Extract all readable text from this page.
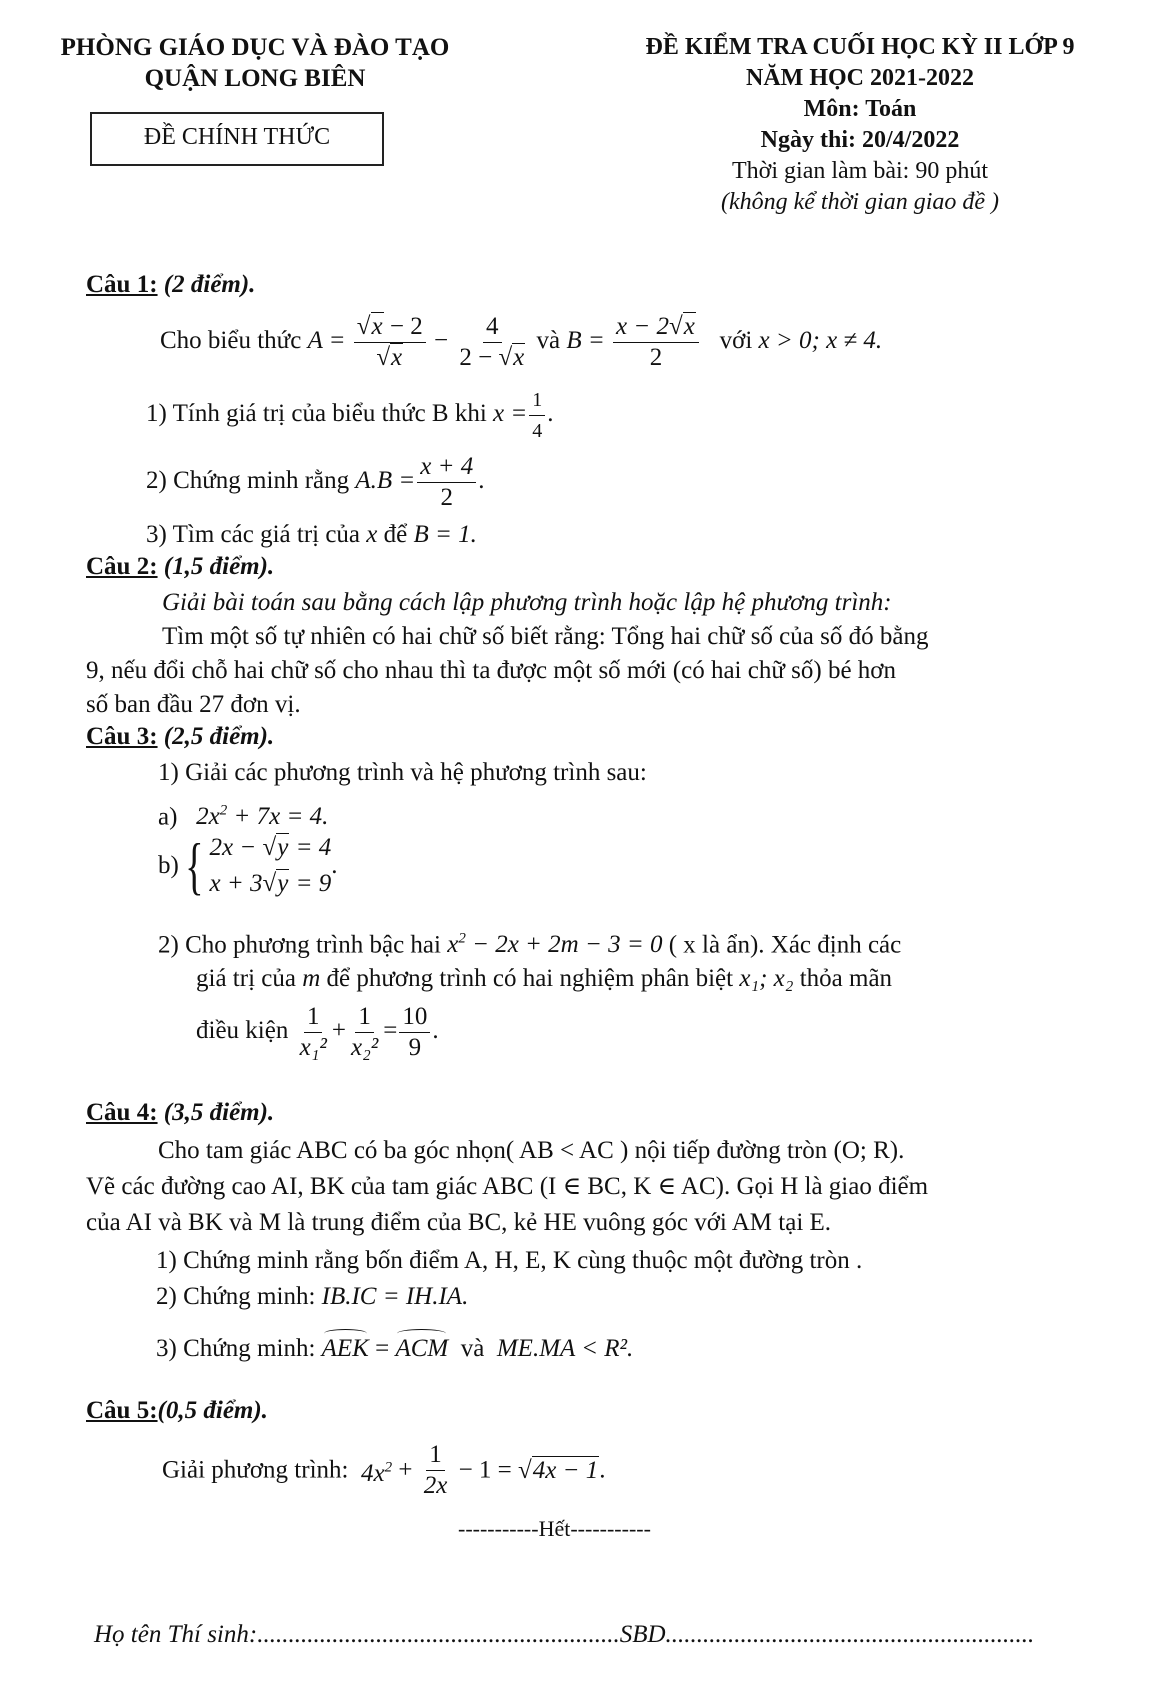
PHÒNG GIÁO DỤC VÀ ĐÀO TẠO
QUẬN LONG BIÊN
ĐỀ CHÍNH THỨC
ĐỀ KIỂM TRA CUỐI HỌC KỲ II LỚP 9
NĂM HỌC 2021-2022
Môn: Toán
Ngày thi: 20/4/2022
Thời gian làm bài: 90 phút
(không kể thời gian giao đề )
Câu 1: (2 điểm).
Cho biểu thức $A = \frac{√x - 2}{√x} - \frac{4}{2 - √x}$ và $B = \frac{x - 2√x}{2}$ với x > 0; x ≠ 4.
1) Tính giá trị của biểu thức B khi $x = \frac{1}{4}$ .
2) Chứng minh rằng $A.B = \frac{x + 4}{2}$ .
3) Tìm các giá trị của x để B = 1.
Câu 2: (1,5 điểm).
Giải bài toán sau bằng cách lập phương trình hoặc lập hệ phương trình:
Tìm một số tự nhiên có hai chữ số biết rằng: Tổng hai chữ số của số đó bằng
9, nếu đổi chỗ hai chữ số cho nhau thì ta được một số mới (có hai chữ số) bé hơn
số ban đầu 27 đơn vị.
Câu 3: (2,5 điểm).
1) Giải các phương trình và hệ phương trình sau:
a) $2x^2 + 7x = 4$.
b){ 2x − √y = 4
x + 3√y = 9
.
2) Cho phương trình bậc hai $x^2 - 2x + 2m - 3 = 0$ ( x là ẩn). Xác định các
giá trị của m để phương trình có hai nghiệm phân biệt x₁; x₂ thỏa mãn
điều kiện $\frac{1}{\text{x₁²}} + \frac{1}{\text{x₂²}} = \frac{10}{9}$ .
Câu 4: (3,5 điểm).
Cho tam giác ABC có ba góc nhọn( AB < AC ) nội tiếp đường tròn (O; R).
Vẽ các đường cao AI, BK của tam giác ABC (I ∈ BC, K ∈ AC). Gọi H là giao điểm
của AI và BK và M là trung điểm của BC, kẻ HE vuông góc với AM tại E.
1) Chứng minh rằng bốn điểm A, H, E, K cùng thuộc một đường tròn .
2) Chứng minh: IB.IC = IH.IA.
3) Chứng minh: AEK = ACM và ME.MA < R².
Câu 5:(0,5 điểm).
Giải phương trình: $4x^2 + \frac{1}{2x} - 1 = √4x - 1$.
-----------Hết-----------
Họ tên Thí sinh:..........................................................SBD...........................................................
